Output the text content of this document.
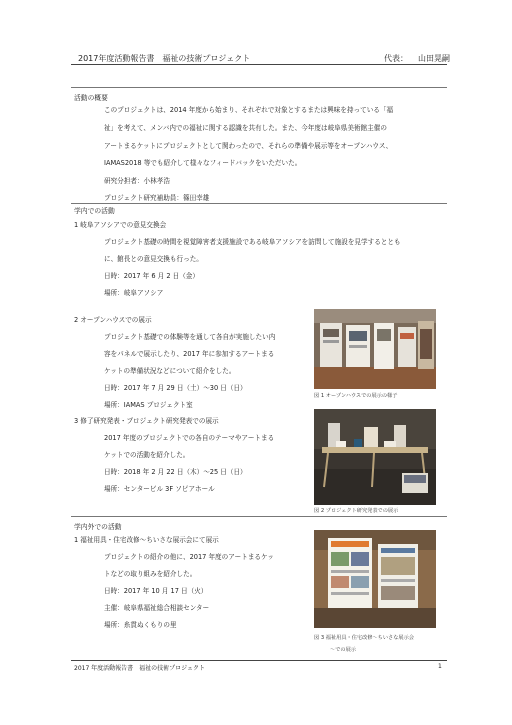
2017年度活動報告書　福祉の技術プロジェクト	代表： 山田晃嗣
活動の概要
このプロジェクトは、2014 年度から始まり、それぞれで対象とするまたは興味を持っている「福
祉」を考えて、メンバ内での福祉に関する認識を共有した。また、今年度は岐阜県美術館主催の
アートまるケットにプロジェクトとして関わったので、それらの準備や展示等をオープンハウス、
IAMAS2018 等でも紹介して様々なフィードバックをいただいた。
研究分担者：小林孝浩
プロジェクト研究補助員：篠田幸雄
学内での活動
1 岐阜アソシアでの意見交換会
プロジェクト基礎の時間を視覚障害者支援施設である岐阜アソシアを訪問して施設を見学するととも
に、館長との意見交換も行った。
日時：2017 年 6 月 2 日（金）
場所：岐阜アソシア
2 オープンハウスでの展示
プロジェクト基礎での体験等を通して各自が実施したい内
容をパネルで展示したり、2017 年に参加するアートまる
ケットの準備状況などについて紹介をした。
日時：2017 年 7 月 29 日（土）～30 日（日）
場所：IAMAS プロジェクト室
3 修了研究発表・プロジェクト研究発表での展示
2017 年度のプロジェクトでの各自のテーマやアートまる
ケットでの活動を紹介した。
日時：2018 年 2 月 22 日（木）～25 日（日）
場所：センタービル 3F ソピアホール
学内外での活動
1 福祉用具・住宅改修～ちいさな展示会にて展示
プロジェクトの紹介の他に、2017 年度のアートまるケッ
トなどの取り組みを紹介した。
日時：2017 年 10 月 17 日（火）
主催：岐阜県福祉総合相談センター
場所：糸貫ぬくもりの里
図 1 オープンハウスでの展示の様子
図 2 プロジェクト研究発表での展示
図 3 福祉用具・住宅改修～ちいさな展示会
～での展示
2017 年度活動報告書　福祉の技術プロジェクト	1
